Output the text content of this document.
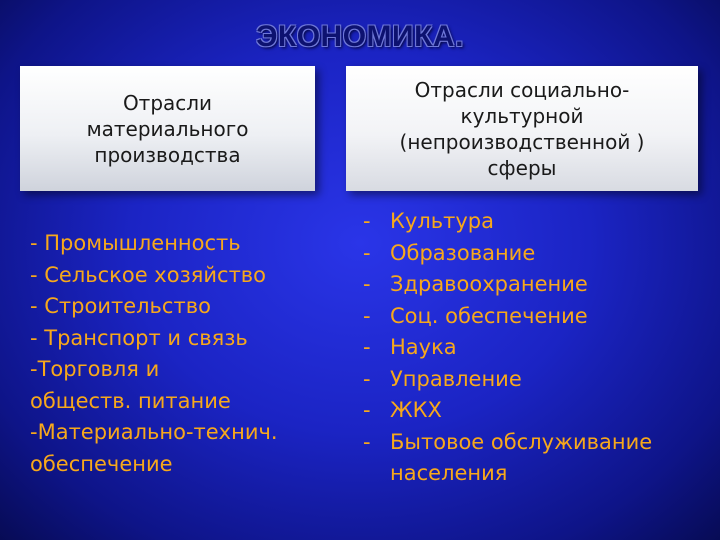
ЭКОНОМИКА.
Отрасли
материального
производства
Отрасли социально-
культурной
(непроизводственной )
сферы
- Промышленность
- Сельское хозяйство
- Строительство
- Транспорт и связь
-Торговля и
обществ. питание
-Материально-технич.
обеспечение
- Культура
- Образование
- Здравоохранение
- Соц. обеспечение
- Наука
- Управление
- ЖКХ
- Бытовое обслуживание
населения
